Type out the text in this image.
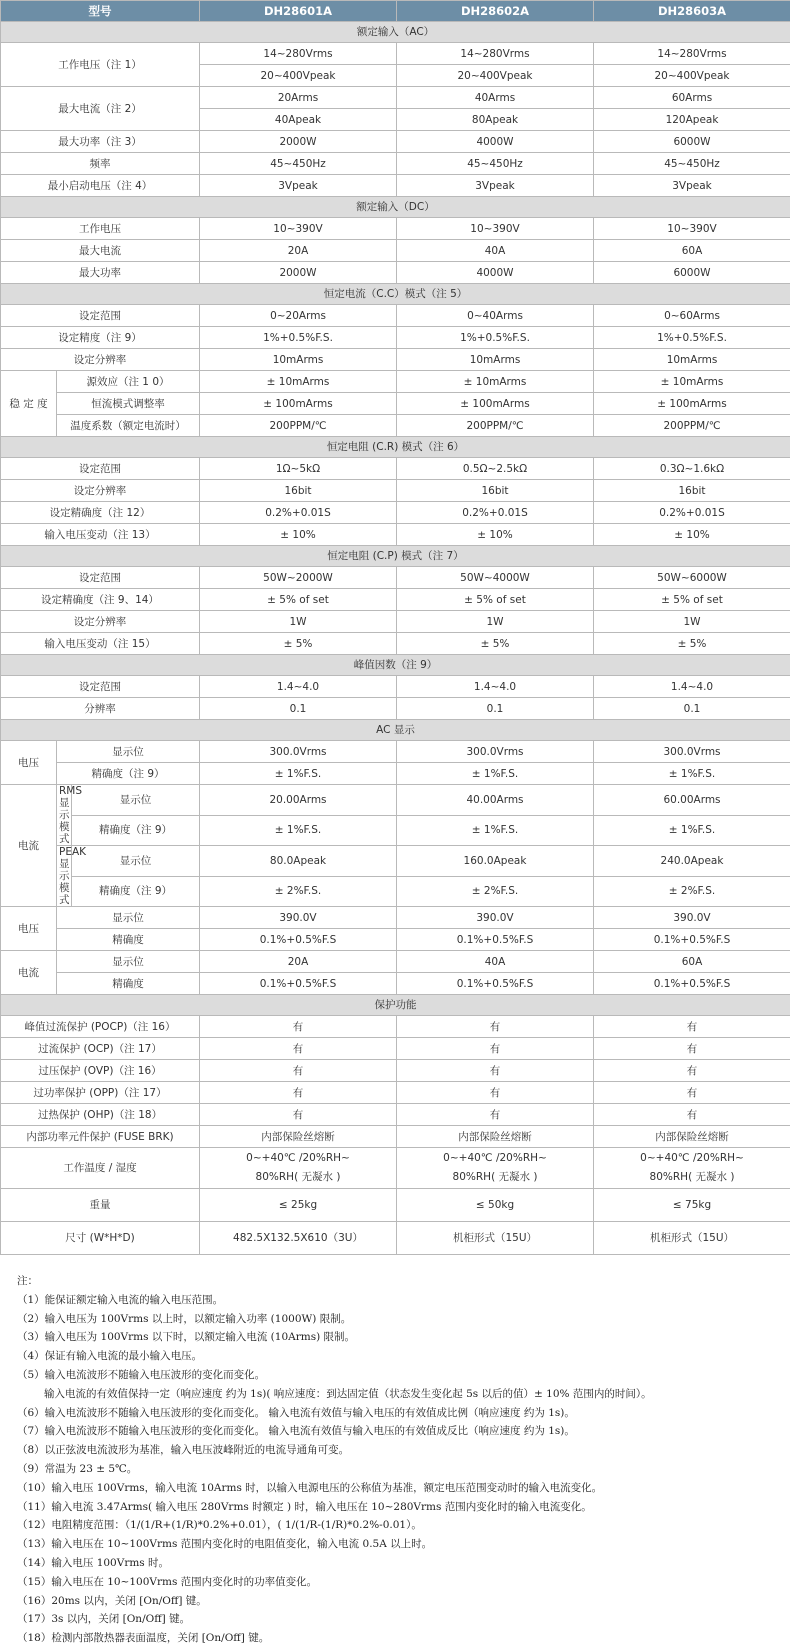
型号			DH28601A	DH28602A	DH28603A
额定输入（AC）					
工作电压（注 1）			14~280Vrms	14~280Vrms	14~280Vrms
			20~400Vpeak	20~400Vpeak	20~400Vpeak
最大电流（注 2）			20Arms	40Arms	60Arms
			40Apeak	80Apeak	120Apeak
最大功率（注 3）			2000W	4000W	6000W
频率			45~450Hz	45~450Hz	45~450Hz
最小启动电压（注 4）			3Vpeak	3Vpeak	3Vpeak
额定输入（DC）					
工作电压			10~390V	10~390V	10~390V
最大电流			20A	40A	60A
最大功率			2000W	4000W	6000W
恒定电流（C.C）模式（注 5）					
设定范围			0~20Arms	0~40Arms	0~60Arms
设定精度（注 9）			1%+0.5%F.S.	1%+0.5%F.S.	1%+0.5%F.S.
设定分辨率			10mArms	10mArms	10mArms
稳 定 度	源效应（注 1 0）		± 10mArms	± 10mArms	± 10mArms
	恒流模式调整率		± 100mArms	± 100mArms	± 100mArms
	温度系数（额定电流时）		200PPM/℃	200PPM/℃	200PPM/℃
恒定电阻 (C.R) 模式（注 6）					
设定范围			1Ω~5kΩ	0.5Ω~2.5kΩ	0.3Ω~1.6kΩ
设定分辨率			16bit	16bit	16bit
设定精确度（注 12）			0.2%+0.01S	0.2%+0.01S	0.2%+0.01S
输入电压变动（注 13）			± 10%	± 10%	± 10%
恒定电阻 (C.P) 模式（注 7）					
设定范围			50W~2000W	50W~4000W	50W~6000W
设定精确度（注 9、14）			± 5% of set	± 5% of set	± 5% of set
设定分辨率			1W	1W	1W
输入电压变动（注 15）			± 5%	± 5%	± 5%
峰值因数（注 9）					
设定范围			1.4~4.0	1.4~4.0	1.4~4.0
分辨率			0.1	0.1	0.1
AC 显示					
电压	显示位		300.0Vrms	300.0Vrms	300.0Vrms
	精确度（注 9）		± 1%F.S.	± 1%F.S.	± 1%F.S.
电流	RMS
显示
模式	显示位	20.00Arms	40.00Arms	60.00Arms
		精确度（注 9）	± 1%F.S.	± 1%F.S.	± 1%F.S.
	PEAK
显示
模式	显示位	80.0Apeak	160.0Apeak	240.0Apeak
		精确度（注 9）	± 2%F.S.	± 2%F.S.	± 2%F.S.
电压	显示位		390.0V	390.0V	390.0V
	精确度		0.1%+0.5%F.S	0.1%+0.5%F.S	0.1%+0.5%F.S
电流	显示位		20A	40A	60A
	精确度		0.1%+0.5%F.S	0.1%+0.5%F.S	0.1%+0.5%F.S
保护功能					
峰值过流保护 (POCP)（注 16）			有	有	有
过流保护 (OCP)（注 17）			有	有	有
过压保护 (OVP)（注 16）			有	有	有
过功率保护 (OPP)（注 17）			有	有	有
过热保护 (OHP)（注 18）			有	有	有
内部功率元件保护 (FUSE BRK)			内部保险丝熔断	内部保险丝熔断	内部保险丝熔断
工作温度 / 湿度			0~+40℃ /20%RH~
80%RH( 无凝水 )	0~+40℃ /20%RH~
80%RH( 无凝水 )	0~+40℃ /20%RH~
80%RH( 无凝水 )
重量			≤ 25kg	≤ 50kg	≤ 75kg
尺寸 (W*H*D)			482.5X132.5X610（3U）	机柜形式（15U）	机柜形式（15U）
注：
（1）能保证额定输入电流的输入电压范围。
（2）输入电压为 100Vrms 以上时，以额定输入功率 (1000W) 限制。
（3）输入电压为 100Vrms 以下时，以额定输入电流 (10Arms) 限制。
（4）保证有输入电流的最小输入电压。
（5）输入电流波形不随输入电压波形的变化而变化。
输入电流的有效值保持一定（响应速度 约为 1s)( 响应速度：到达固定值（状态发生变化起 5s 以后的值）± 10% 范围内的时间）。
（6）输入电流波形不随输入电压波形的变化而变化。 输入电流有效值与输入电压的有效值成比例（响应速度 约为 1s)。
（7）输入电流波形不随输入电压波形的变化而变化。 输入电流有效值与输入电压的有效值成反比（响应速度 约为 1s)。
（8）以正弦波电流波形为基准，输入电压波峰附近的电流导通角可变。
（9）常温为 23 ± 5℃。
（10）输入电压 100Vrms，输入电流 10Arms 时，以输入电源电压的公称值为基准，额定电压范围变动时的输入电流变化。
（11）输入电流 3.47Arms( 输入电压 280Vrms 时额定 ) 时，输入电压在 10~280Vrms 范围内变化时的输入电流变化。
（12）电阻精度范围：（1/(1/R+(1/R)*0.2%+0.01），( 1/(1/R-(1/R)*0.2%-0.01）。
（13）输入电压在 10~100Vrms 范围内变化时的电阻值变化，输入电流 0.5A 以上时。
（14）输入电压 100Vrms 时。
（15）输入电压在 10~100Vrms 范围内变化时的功率值变化。
（16）20ms 以内，关闭 [On/Off] 键。
（17）3s 以内，关闭 [On/Off] 键。
（18）检测内部散热器表面温度，关闭 [On/Off] 键。
